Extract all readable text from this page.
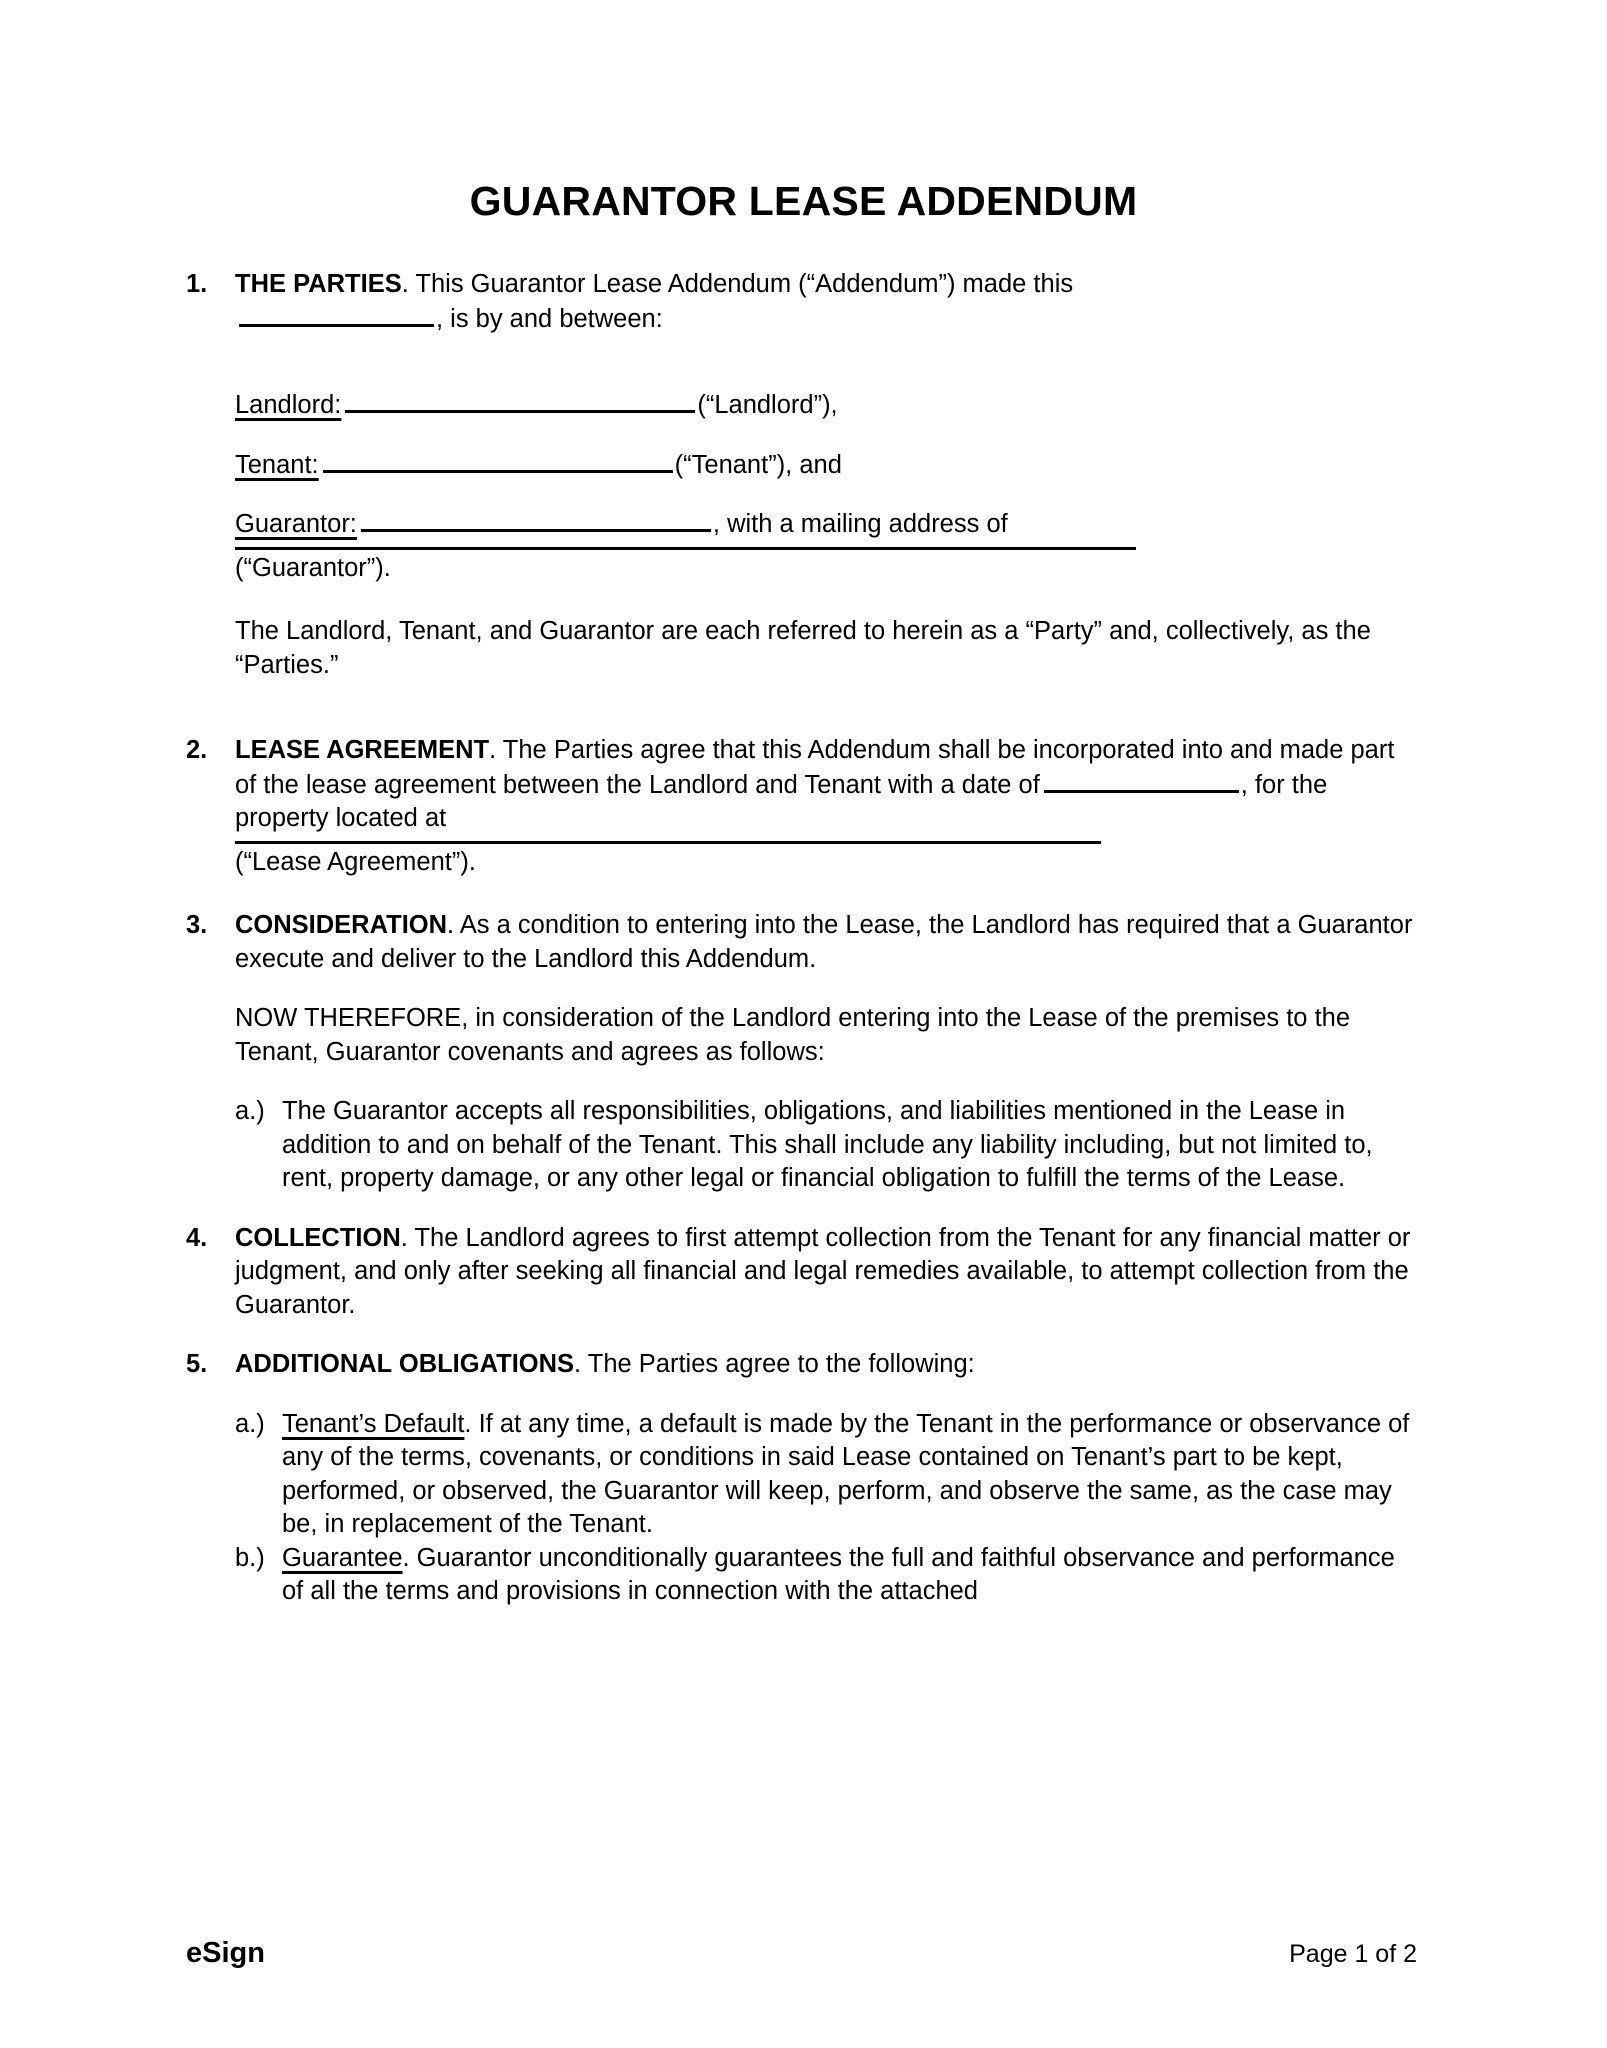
GUARANTOR LEASE ADDENDUM
1.	THE PARTIES. This Guarantor Lease Addendum (“Addendum”) made this
, is by and between:
Landlord:	(“Landlord”),
Tenant:	(“Tenant”), and
Guarantor:	, with a mailing address of
(“Guarantor”).
The Landlord, Tenant, and Guarantor are each referred to herein as a “Party” and, collectively, as the “Parties.”
2.	LEASE AGREEMENT. The Parties agree that this Addendum shall be incorporated into and made part of the lease agreement between the Landlord and Tenant with a date of	, for the property located at
(“Lease Agreement”).
3.	CONSIDERATION. As a condition to entering into the Lease, the Landlord has required that a Guarantor execute and deliver to the Landlord this Addendum.
NOW THEREFORE, in consideration of the Landlord entering into the Lease of the premises to the Tenant, Guarantor covenants and agrees as follows:
a.) The Guarantor accepts all responsibilities, obligations, and liabilities mentioned in the Lease in addition to and on behalf of the Tenant. This shall include any liability including, but not limited to, rent, property damage, or any other legal or financial obligation to fulfill the terms of the Lease.
4.	COLLECTION. The Landlord agrees to first attempt collection from the Tenant for any financial matter or judgment, and only after seeking all financial and legal remedies available, to attempt collection from the Guarantor.
5.	ADDITIONAL OBLIGATIONS. The Parties agree to the following:
a.) Tenant’s Default. If at any time, a default is made by the Tenant in the performance or observance of any of the terms, covenants, or conditions in said Lease contained on Tenant’s part to be kept, performed, or observed, the Guarantor will keep, perform, and observe the same, as the case may be, in replacement of the Tenant.
b.) Guarantee. Guarantor unconditionally guarantees the full and faithful observance and performance of all the terms and provisions in connection with the attached
eSign	Page 1 of 2
